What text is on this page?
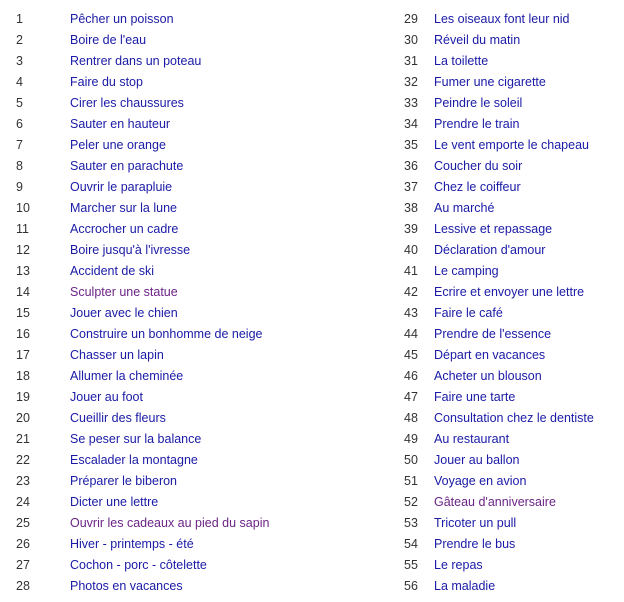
1	Pêcher un poisson
2	Boire de l'eau
3	Rentrer dans un poteau
4	Faire du stop
5	Cirer les chaussures
6	Sauter en hauteur
7	Peler une orange
8	Sauter en parachute
9	Ouvrir le parapluie
10	Marcher sur la lune
11	Accrocher un cadre
12	Boire jusqu'à l'ivresse
13	Accident de ski
14	Sculpter une statue
15	Jouer avec le chien
16	Construire un bonhomme de neige
17	Chasser un lapin
18	Allumer la cheminée
19	Jouer au foot
20	Cueillir des fleurs
21	Se peser sur la balance
22	Escalader la montagne
23	Préparer le biberon
24	Dicter une lettre
25	Ouvrir les cadeaux au pied du sapin
26	Hiver - printemps - été
27	Cochon - porc - côtelette
28	Photos en vacances
29 Les oiseaux font leur nid
30 Réveil du matin
31 La toilette
32 Fumer une cigarette
33 Peindre le soleil
34 Prendre le train
35 Le vent emporte le chapeau
36 Coucher du soir
37 Chez le coiffeur
38 Au marché
39 Lessive et repassage
40 Déclaration d'amour
41 Le camping
42 Ecrire et envoyer une lettre
43 Faire le café
44 Prendre de l'essence
45 Départ en vacances
46 Acheter un blouson
47 Faire une tarte
48 Consultation chez le dentiste
49 Au restaurant
50 Jouer au ballon
51 Voyage en avion
52 Gâteau d'anniversaire
53 Tricoter un pull
54 Prendre le bus
55 Le repas
56 La maladie
